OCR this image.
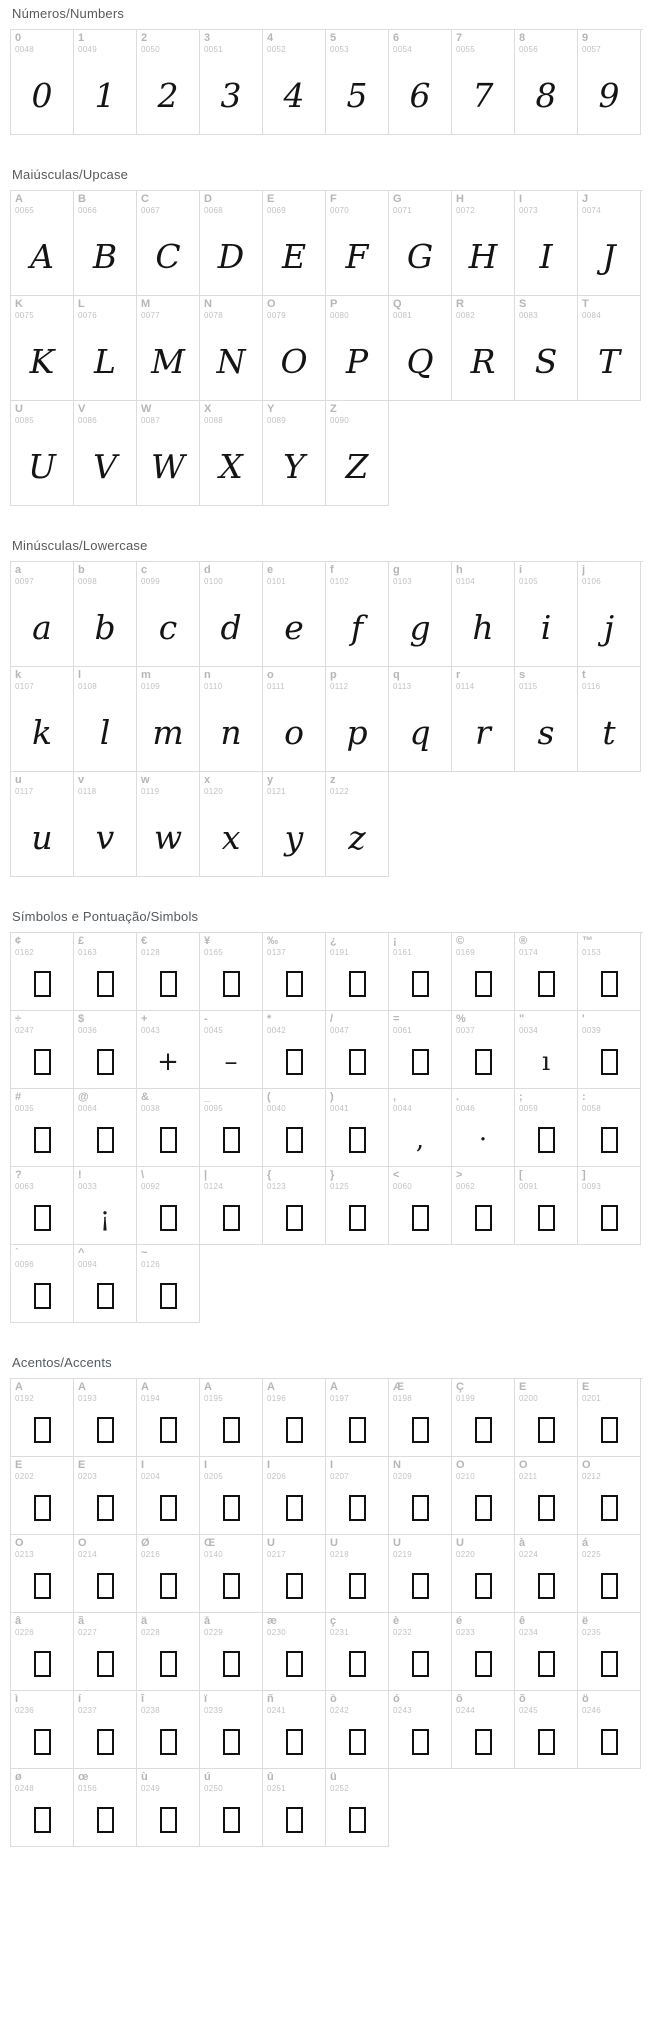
Números/Numbers
0
0048
0
1
0049
1
2
0050
2
3
0051
3
4
0052
4
5
0053
5
6
0054
6
7
0055
7
8
0056
8
9
0057
9
Maiúsculas/Upcase
A
0065
A
B
0066
B
C
0067
C
D
0068
D
E
0069
E
F
0070
F
G
0071
G
H
0072
H
I
0073
I
J
0074
J
K
0075
K
L
0076
L
M
0077
M
N
0078
N
O
0079
O
P
0080
P
Q
0081
Q
R
0082
R
S
0083
S
T
0084
T
U
0085
U
V
0086
V
W
0087
W
X
0088
X
Y
0089
Y
Z
0090
Z
Minúsculas/Lowercase
a
0097
a
b
0098
b
c
0099
c
d
0100
d
e
0101
e
f
0102
f
g
0103
g
h
0104
h
i
0105
i
j
0106
j
k
0107
k
l
0108
l
m
0109
m
n
0110
n
o
0111
o
p
0112
p
q
0113
q
r
0114
r
s
0115
s
t
0116
t
u
0117
u
v
0118
v
w
0119
w
x
0120
x
y
0121
y
z
0122
z
Símbolos e Pontuação/Simbols
¢
0162
£
0163
€
0128
¥
0165
‰
0137
¿
0191
¡
0161
©
0169
®
0174
™
0153
÷
0247
$
0036
+
0043
+
-
0045
–
*
0042
/
0047
=
0061
%
0037
"
0034
ı
'
0039
#
0035
@
0064
&
0038
_
0095
(
0040
)
0041
,
0044
,
.
0046
·
;
0059
:
0058
?
0063
!
0033
¡
\
0092
|
0124
{
0123
}
0125
<
0060
>
0062
[
0091
]
0093
`
0096
^
0094
~
0126
Acentos/Accents
À
0192
Á
0193
Â
0194
Ã
0195
Ä
0196
Å
0197
Æ
0198
Ç
0199
È
0200
É
0201
Ê
0202
Ë
0203
Ì
0204
Í
0205
Î
0206
Ï
0207
Ñ
0209
Ò
0210
Ó
0211
Ô
0212
Õ
0213
Ö
0214
Ø
0216
Œ
0140
Ù
0217
Ú
0218
Û
0219
Ü
0220
à
0224
á
0225
â
0226
ã
0227
ä
0228
å
0229
æ
0230
ç
0231
è
0232
é
0233
ê
0234
ë
0235
ì
0236
í
0237
î
0238
ï
0239
ñ
0241
ò
0242
ó
0243
ô
0244
õ
0245
ö
0246
ø
0248
œ
0156
ù
0249
ú
0250
û
0251
ü
0252
